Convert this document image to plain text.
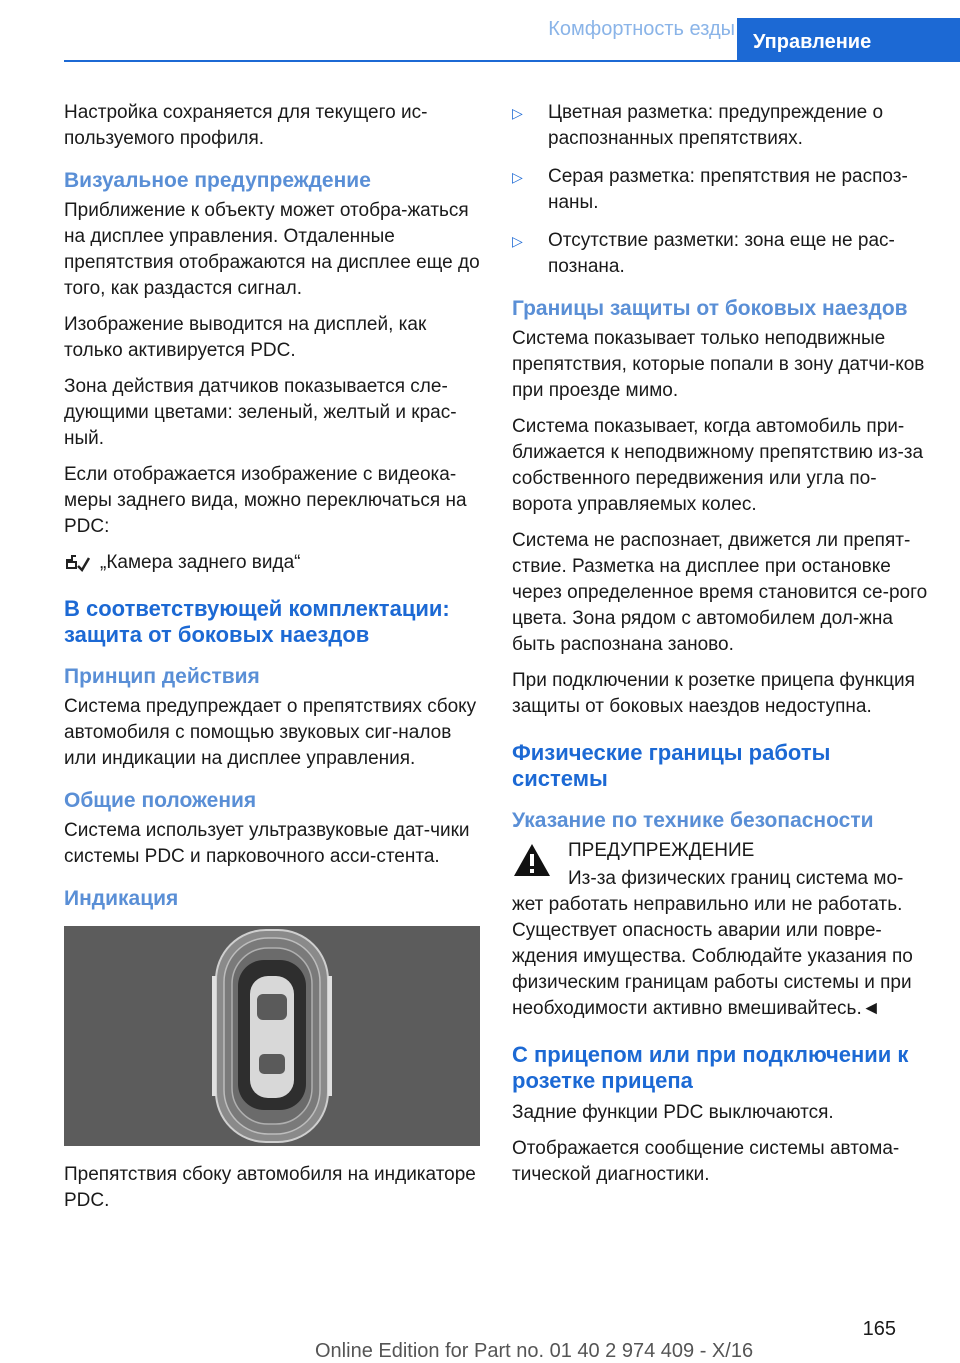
Комфортность езды
Управление

Настройка сохраняется для текущего ис-пользуемого профиля.

Визуальное предупреждение

Приближение к объекту может отобра-жаться на дисплее управления. Отдаленные препятствия отображаются на дисплее еще до того, как раздастся сигнал.

Изображение выводится на дисплей, как только активируется PDC.

Зона действия датчиков показывается сле-дующими цветами: зеленый, желтый и крас-ный.

Если отображается изображение с видеока-меры заднего вида, можно переключаться на PDC:

„Камера заднего вида“

В соответствующей комплектации: защита от боковых наездов
Принцип действия

Система предупреждает о препятствиях сбоку автомобиля с помощью звуковых сиг-налов или индикации на дисплее управления.

Общие положения

Система использует ультразвуковые дат-чики системы PDC и парковочного асси-стента.

Индикация

Препятствия сбоку автомобиля на индикаторе PDC.

▷ Цветная разметка: предупреждение о распознанных препятствиях.
▷ Серая разметка: препятствия не распоз-наны.
▷ Отсутствие разметки: зона еще не рас-познана.
Границы защиты от боковых наездов

Система показывает только неподвижные препятствия, которые попали в зону датчи-ков при проезде мимо.

Система показывает, когда автомобиль при-ближается к неподвижному препятствию из-за собственного передвижения или угла по-ворота управляемых колес.

Система не распознает, движется ли препят-ствие. Разметка на дисплее при остановке через определенное время становится се-рого цвета. Зона рядом с автомобилем дол-жна быть распознана заново.

При подключении к розетке прицепа функция защиты от боковых наездов недоступна.

Физические границы работы системы
Указание по технике безопасности

ПРЕДУПРЕЖДЕНИЕ

Из-за физических границ система мо-жет работать неправильно или не работать. Существует опасность аварии или повре-ждения имущества. Соблюдайте указания по физическим границам работы системы и при необходимости активно вмешивайтесь.◄

С прицепом или при подключении к розетке прицепа

Задние функции PDC выключаются.

Отображается сообщение системы автома-тической диагностики.

165
Online Edition for Part no. 01 40 2 974 409 - X/16
